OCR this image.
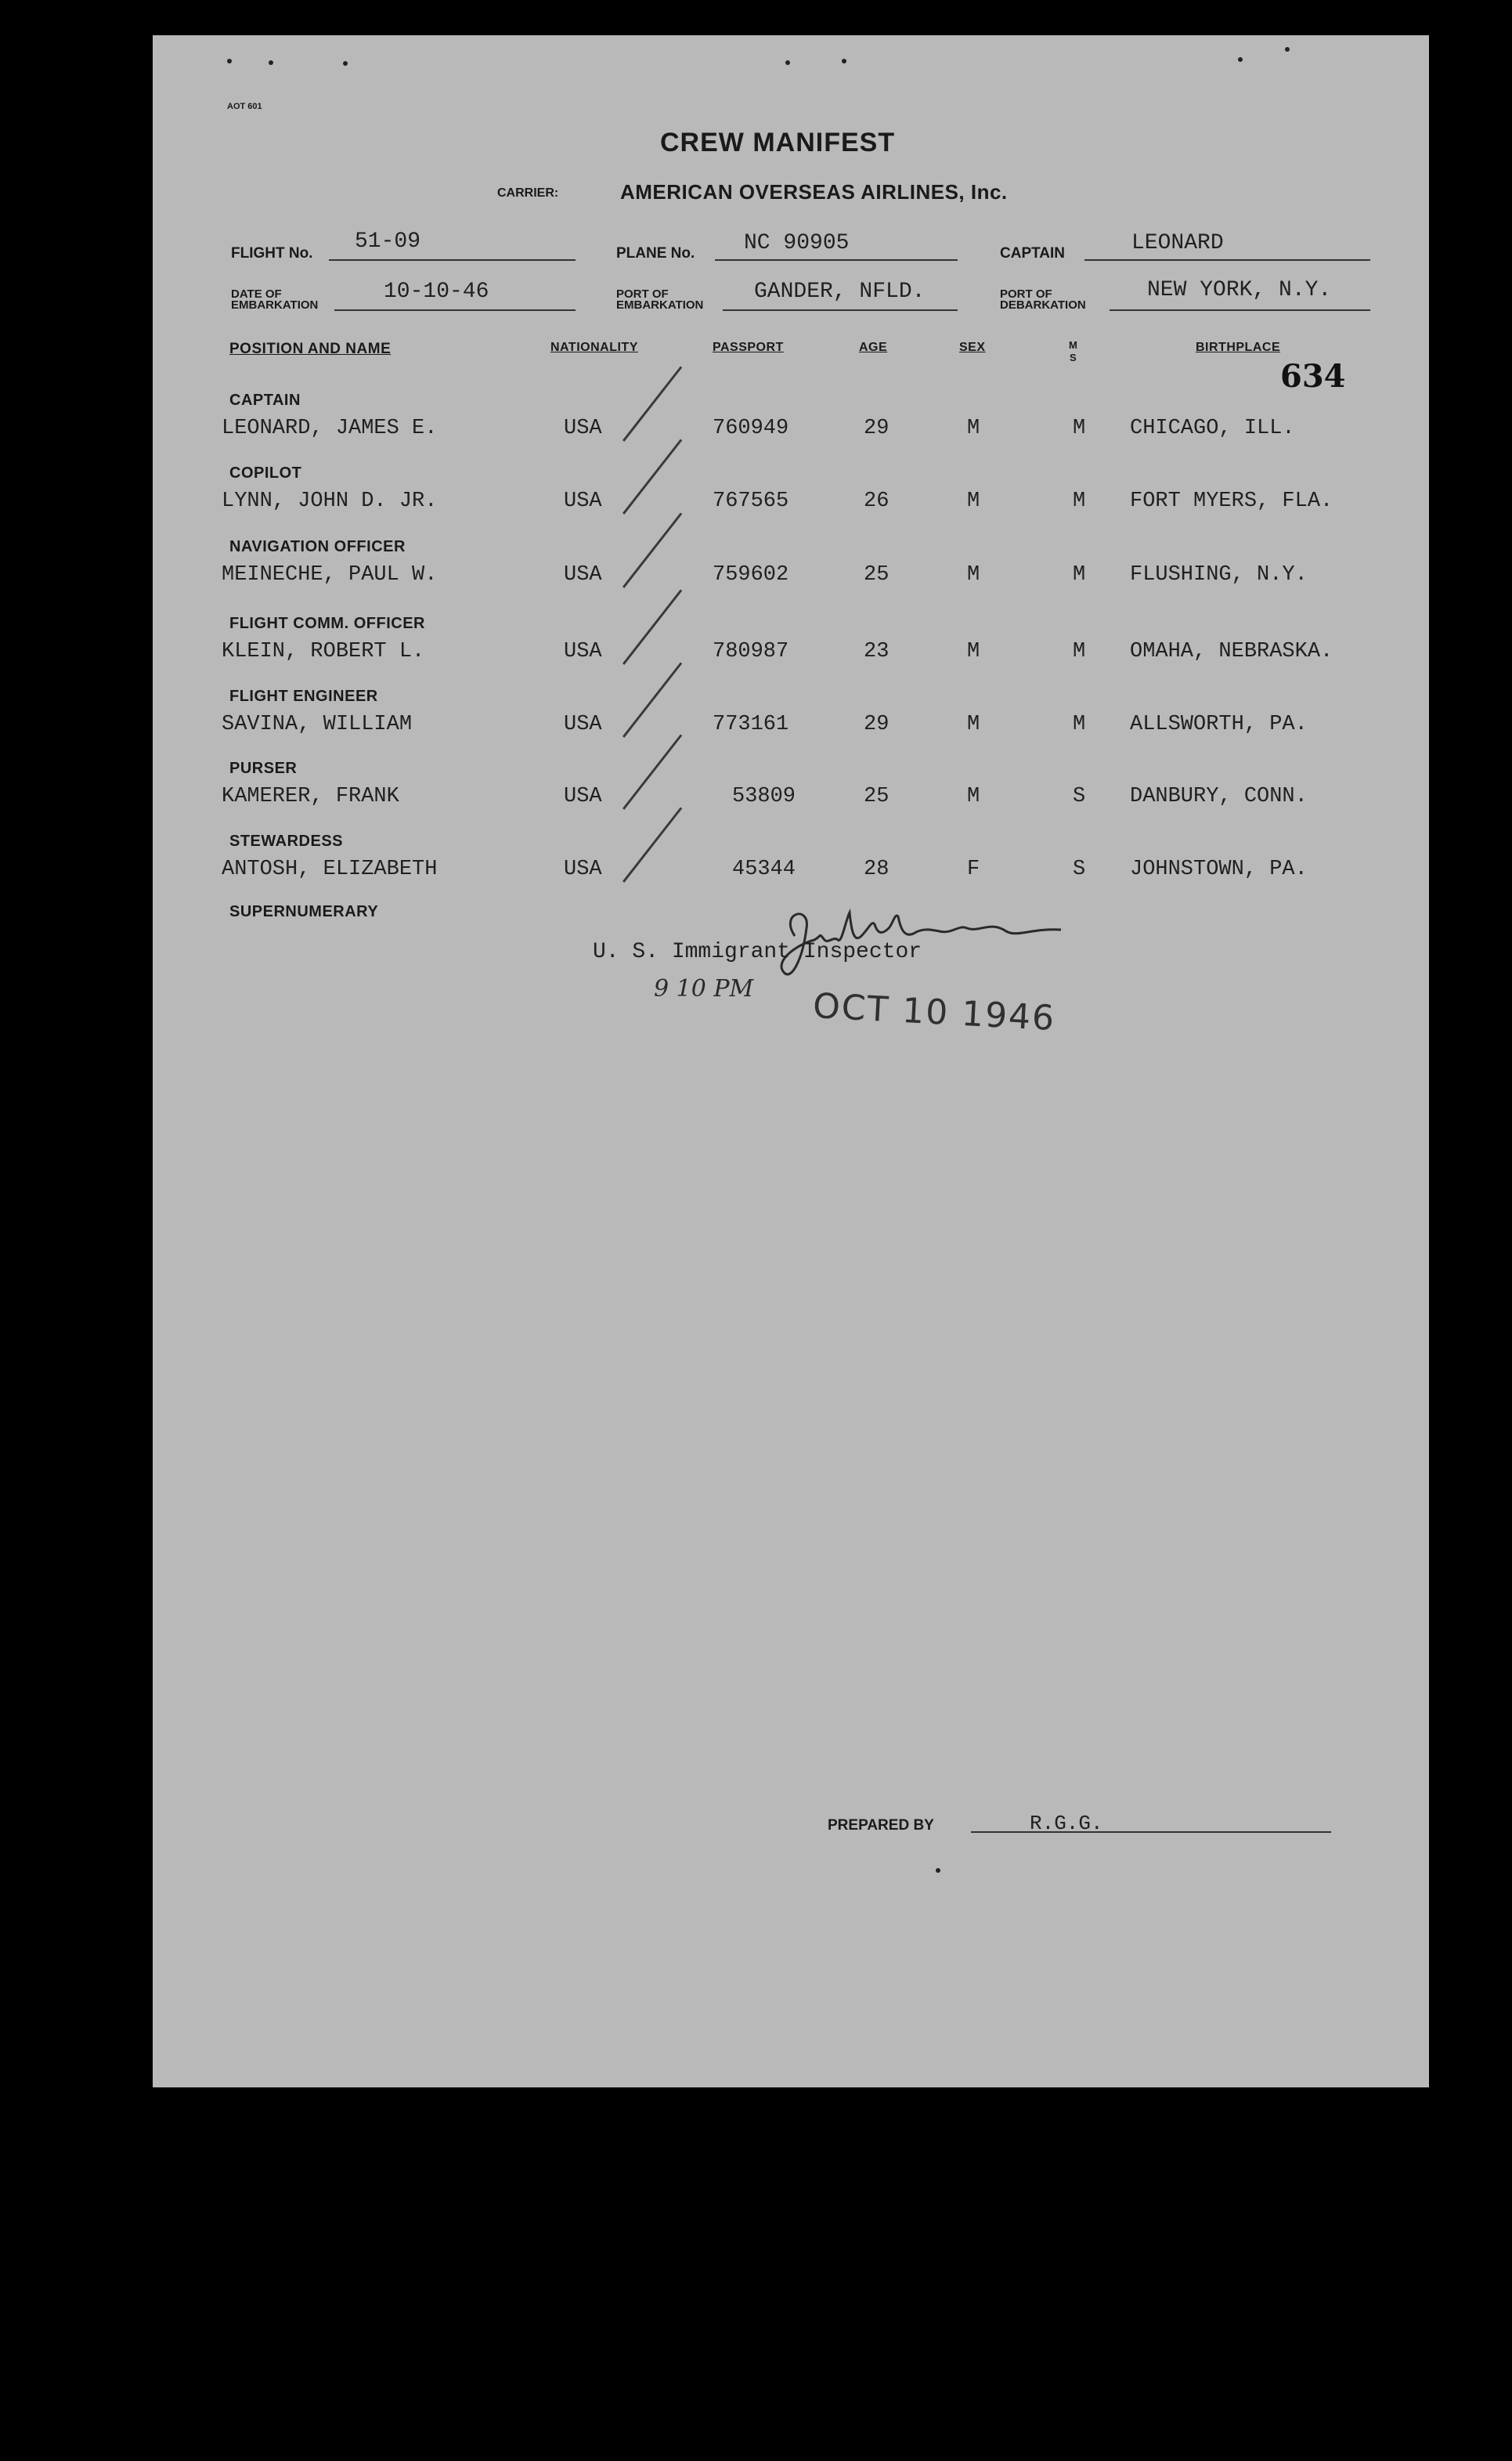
AOT 601
CREW MANIFEST
CARRIER:	AMERICAN OVERSEAS AIRLINES, Inc.
FLIGHT No. 51-09	PLANE No. NC 90905	CAPTAIN	LEONARD
DATE OF
EMBARKATION
10-10-46	PORT OF
EMBARKATION
GANDER, NFLD.	PORT OF
DEBARKATION
NEW YORK, N.Y.
POSITION AND NAME	NATIONALITY	PASSPORT	AGE	SEX	M
S
BIRTHPLACE
634
CAPTAIN
LEONARD, JAMES E.	USA	760949	29	M	M CHICAGO, ILL.
COPILOT
LYNN, JOHN D. JR.	USA	767565	26	M	M FORT MYERS, FLA.
NAVIGATION OFFICER
MEINECHE, PAUL W.	USA	759602	25	M	M FLUSHING, N.Y.
FLIGHT COMM. OFFICER
KLEIN, ROBERT L.	USA	780987	23	M	M OMAHA, NEBRASKA.
FLIGHT ENGINEER
SAVINA, WILLIAM	USA	773161	29	M	M ALLSWORTH, PA.
PURSER
KAMERER, FRANK	USA	53809	25	M	S DANBURY, CONN.
STEWARDESS
ANTOSH, ELIZABETH	USA	45344	28	F	S JOHNSTOWN, PA.
SUPERNUMERARY
U. S. Immigrant Inspector
9 10 PM OCT 10 1946
PREPARED BY	R.G.G.
